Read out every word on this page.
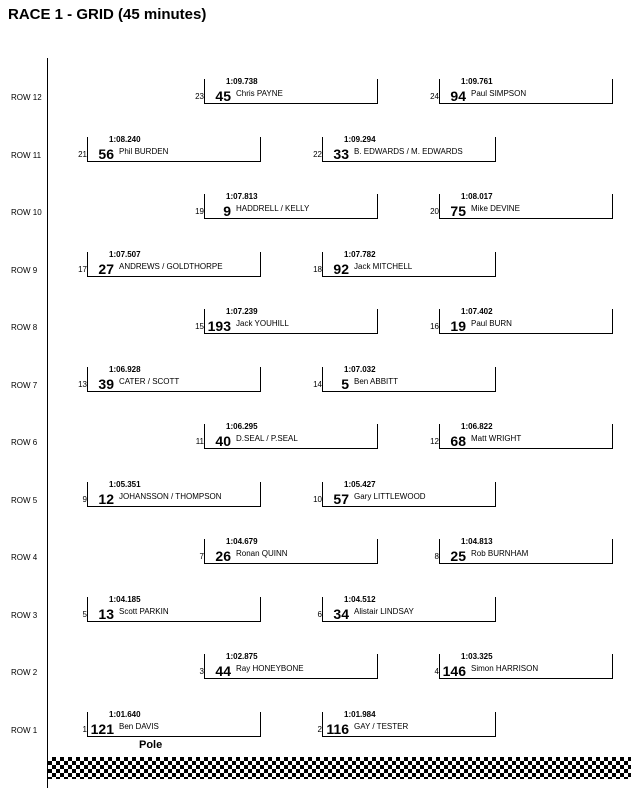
RACE 1 - GRID (45 minutes)
ROW 12
1:09.738
23 45 Chris PAYNE
1:09.761
24 94 Paul SIMPSON
ROW 11
1:08.240
21 56 Phil BURDEN
1:09.294
22 33 B. EDWARDS / M. EDWARDS
ROW 10
1:07.813
19	9 HADDRELL / KELLY
1:08.017
20 75 Mike DEVINE
ROW 9
1:07.507
17 27 ANDREWS / GOLDTHORPE
1:07.782
18 92 Jack MITCHELL
ROW 8
1:07.239
15 193 Jack YOUHILL
1:07.402
16 19 Paul BURN
ROW 7
1:06.928
13 39 CATER / SCOTT
1:07.032
14	5 Ben ABBITT
ROW 6
1:06.295
11 40 D.SEAL / P.SEAL
1:06.822
12 68 Matt WRIGHT
ROW 5
1:05.351
9 12 JOHANSSON / THOMPSON
1:05.427
10 57 Gary LITTLEWOOD
ROW 4
1:04.679
7 26 Ronan QUINN
1:04.813
8 25 Rob BURNHAM
ROW 3
1:04.185
5 13 Scott PARKIN
1:04.512
6 34 Alistair LINDSAY
ROW 2
1:02.875
3 44 Ray HONEYBONE
1:03.325
4 146 Simon HARRISON
ROW 1
1:01.640
1 121 Ben DAVIS
1:01.984
2 116 GAY / TESTER
Pole
